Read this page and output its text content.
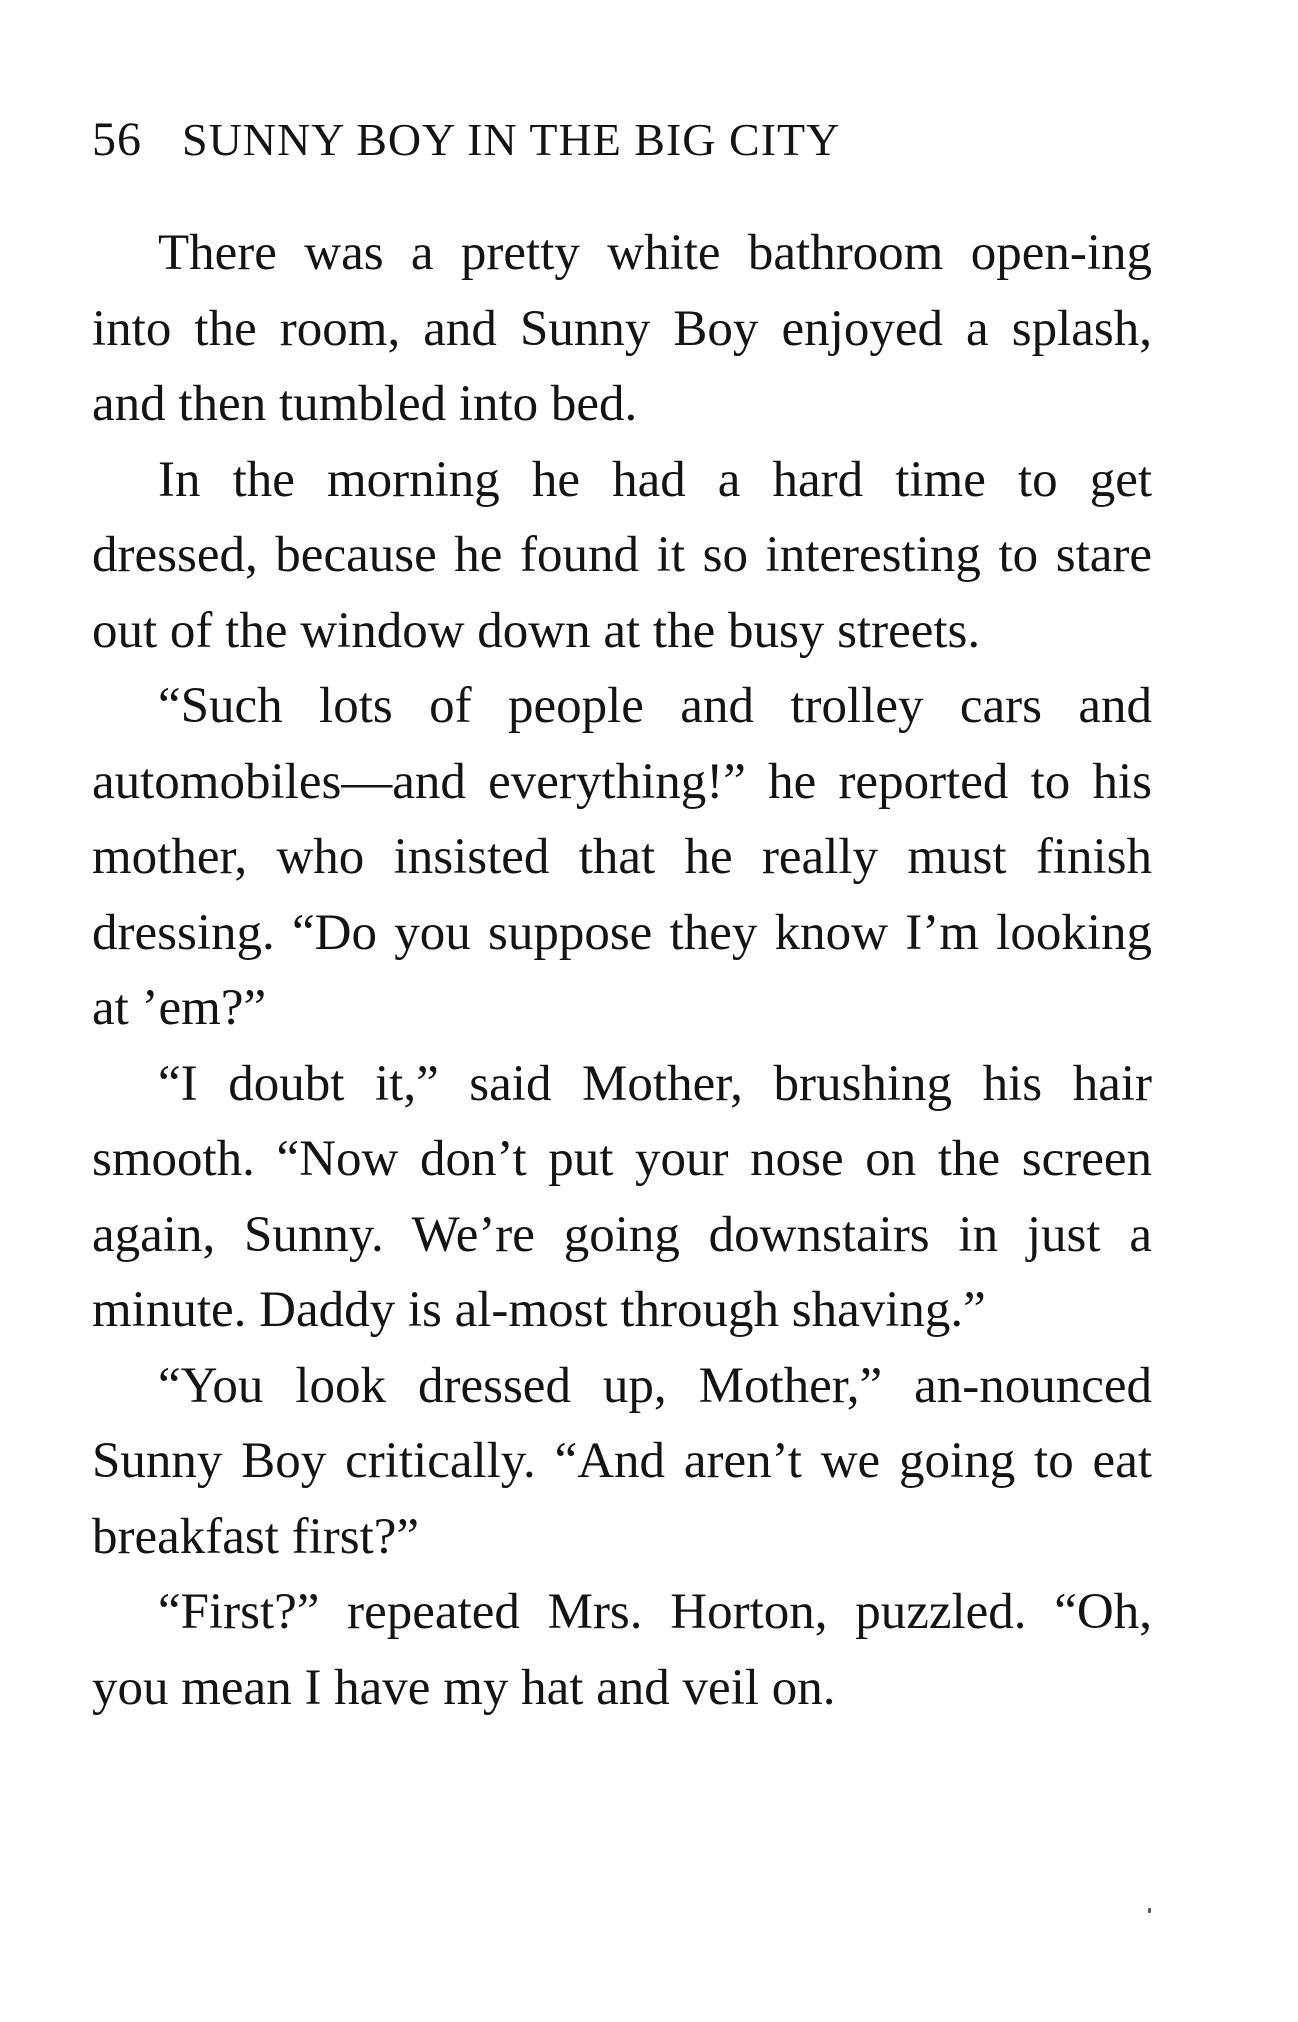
56 SUNNY BOY IN THE BIG CITY

There was a pretty white bathroom open-ing into the room, and Sunny Boy enjoyed a splash, and then tumbled into bed.

In the morning he had a hard time to get dressed, because he found it so interesting to stare out of the window down at the busy streets.

“Such lots of people and trolley cars and automobiles—and everything!” he reported to his mother, who insisted that he really must finish dressing. “Do you suppose they know I’m looking at ’em?”

“I doubt it,” said Mother, brushing his hair smooth. “Now don’t put your nose on the screen again, Sunny. We’re going downstairs in just a minute. Daddy is al-most through shaving.”

“You look dressed up, Mother,” an-nounced Sunny Boy critically. “And aren’t we going to eat breakfast first?”

“First?” repeated Mrs. Horton, puzzled. “Oh, you mean I have my hat and veil on.
